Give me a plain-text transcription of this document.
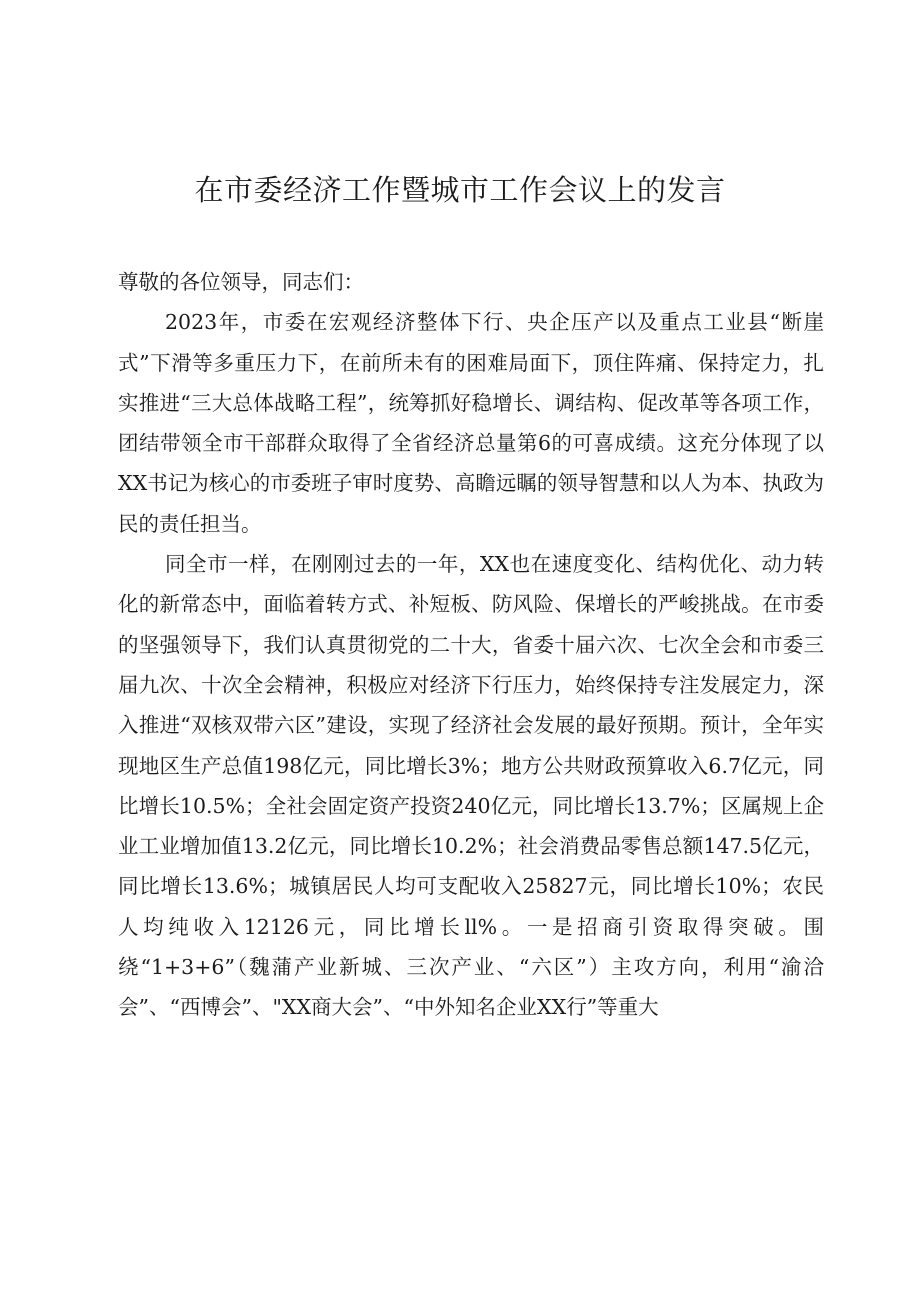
在市委经济工作暨城市工作会议上的发言

尊敬的各位领导，同志们：

2023年，市委在宏观经济整体下行、央企压产以及重点工业县“断崖式”下滑等多重压力下，在前所未有的困难局面下，顶住阵痛、保持定力，扎实推进“三大总体战略工程”，统筹抓好稳增长、调结构、促改革等各项工作，团结带领全市干部群众取得了全省经济总量第6的可喜成绩。这充分体现了以XX书记为核心的市委班子审时度势、高瞻远瞩的领导智慧和以人为本、执政为民的责任担当。

同全市一样，在刚刚过去的一年，XX也在速度变化、结构优化、动力转化的新常态中，面临着转方式、补短板、防风险、保增长的严峻挑战。在市委的坚强领导下，我们认真贯彻党的二十大，省委十届六次、七次全会和市委三届九次、十次全会精神，积极应对经济下行压力，始终保持专注发展定力，深入推进“双核双带六区”建设，实现了经济社会发展的最好预期。预计，全年实现地区生产总值198亿元，同比增长3%；地方公共财政预算收入6.7亿元，同比增长10.5%；全社会固定资产投资240亿元，同比增长13.7%；区属规上企业工业增加值13.2亿元，同比增长10.2%；社会消费品零售总额147.5亿元，同比增长13.6%；城镇居民人均可支配收入25827元，同比增长10%；农民人均纯收入12126元，同比增长ll%。一是招商引资取得突破。围绕“1+3+6”（魏蒲产业新城、三次产业、“六区”）主攻方向，利用“渝洽会”、“西博会”、"XX商大会”、“中外知名企业XX行”等重大
